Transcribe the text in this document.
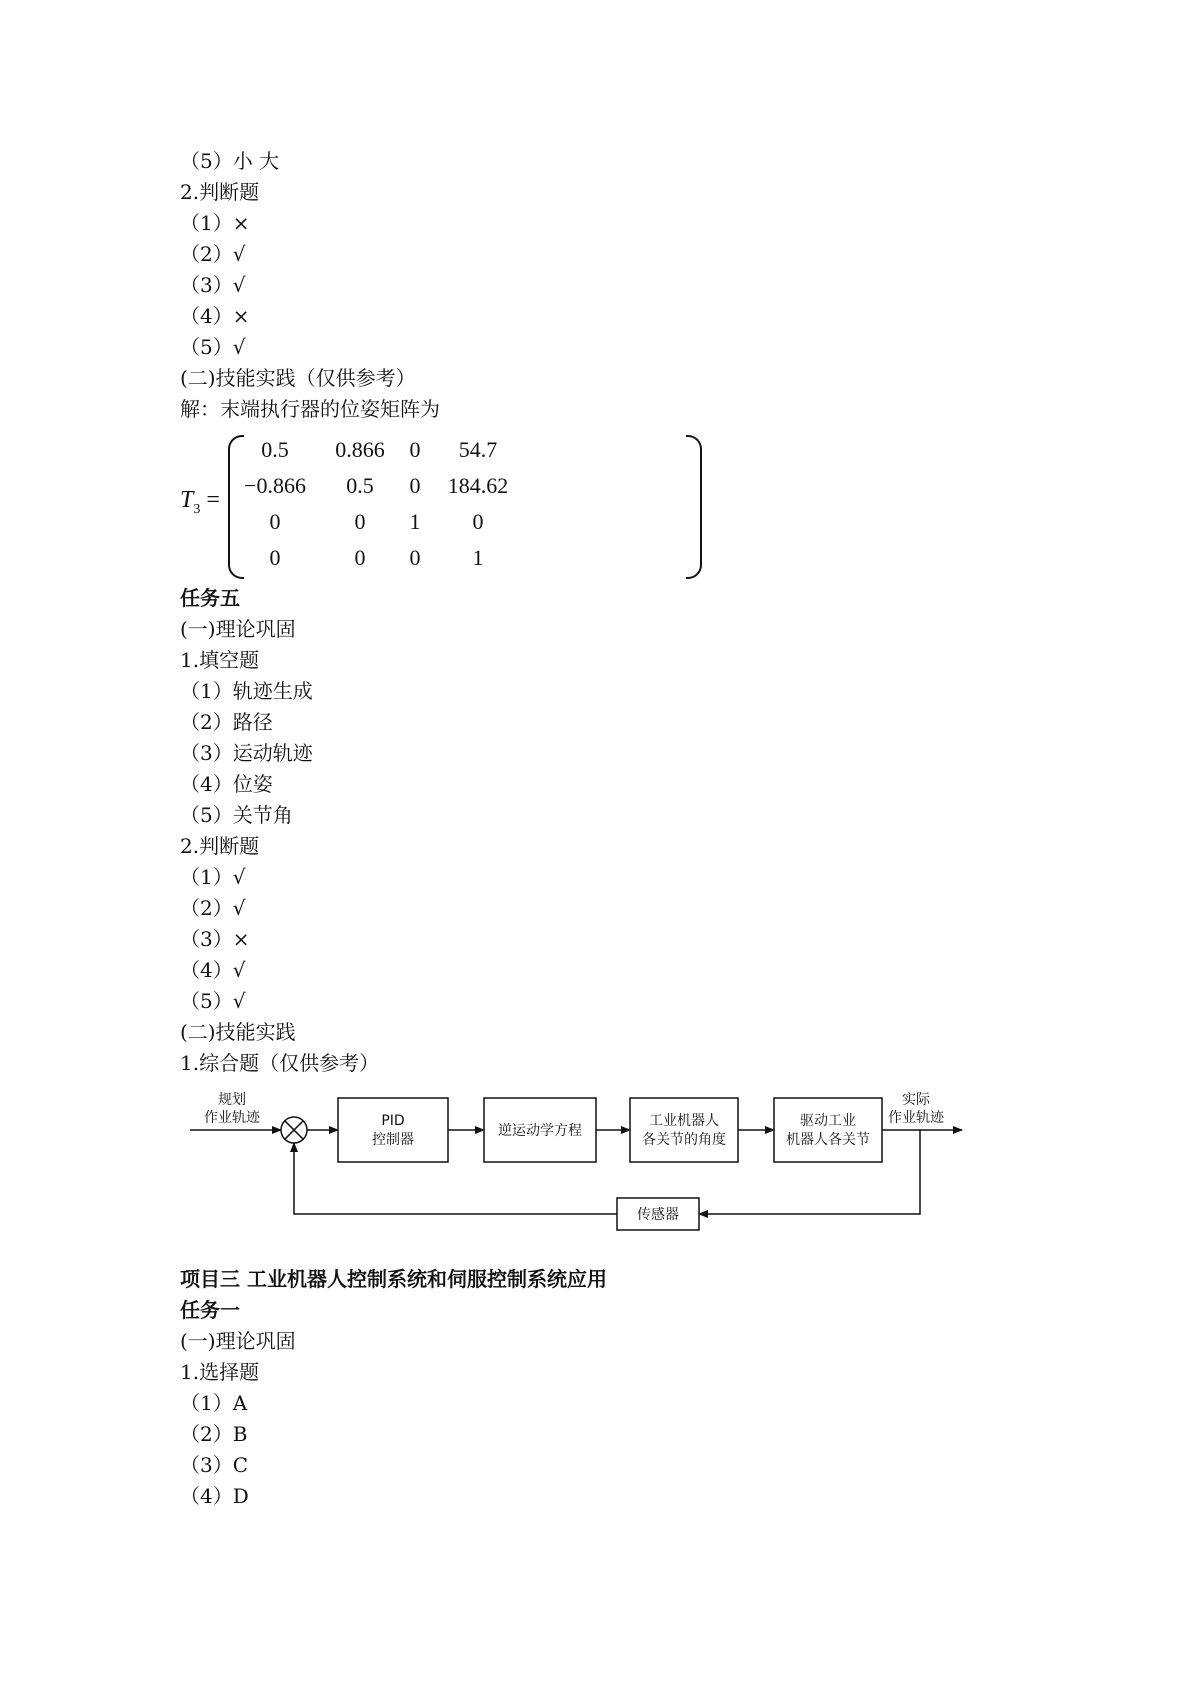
（5）小 大
2.判断题
（1）×
（2）√
（3）√
（4）×
（5）√
(二)技能实践（仅供参考）
解：末端执行器的位姿矩阵为
$T_3$ =
0.5	0.866	0	54.7
−0.866	0.5	0	184.62
0	0	1	0
0	0	0	1
任务五
(一)理论巩固
1.填空题
（1）轨迹生成
（2）路径
（3）运动轨迹
（4）位姿
（5）关节角
2.判断题
（1）√
（2）√
（3）×
（4）√
（5）√
(二)技能实践
1.综合题（仅供参考）
规划
作业轨迹	PID
控制器
逆运动学方程
工业机器人
各关节的角度
驱动工业
机器人各关节
实际
作业轨迹
传感器
项目三 工业机器人控制系统和伺服控制系统应用
任务一
(一)理论巩固
1.选择题
（1）A
（2）B
（3）C
（4）D
